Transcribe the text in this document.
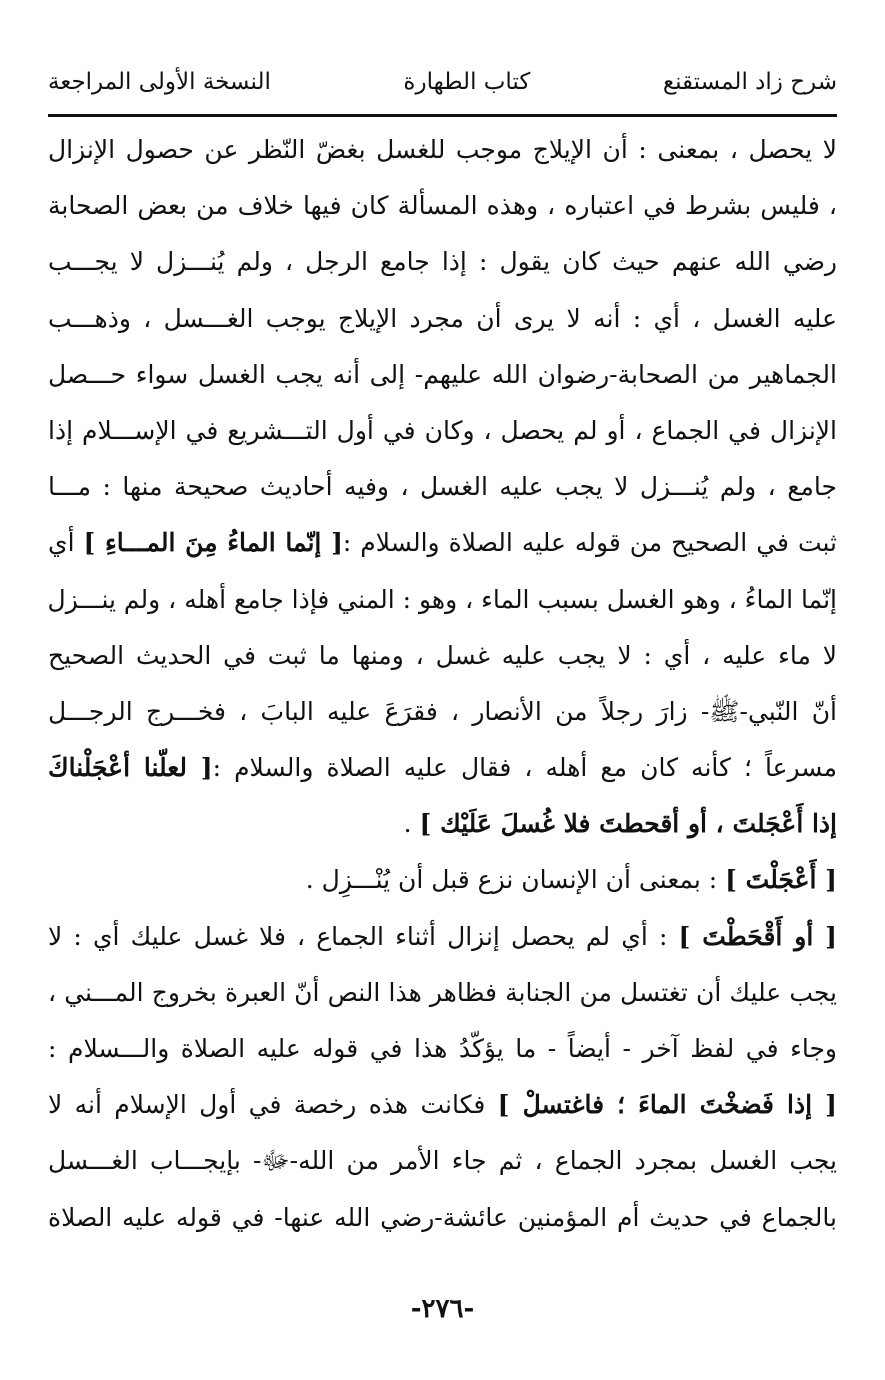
شرح زاد المستقنع
كتاب الطهارة
النسخة الأولى المراجعة
لا يحصل ، بمعنى : أن الإيلاج موجب للغسل بغضّ النّظر عن حصول الإنزال
، فليس بشرط في اعتباره ، وهذه المسألة كان فيها خلاف من بعض الصحابة
رضي الله عنهم حيث كان يقول : إذا جامع الرجل ، ولم يُنـــزل لا يجـــب
عليه الغسل ، أي : أنه لا يرى أن مجرد الإيلاج يوجب الغـــسل ، وذهـــب
الجماهير من الصحابة-رضوان الله عليهم- إلى أنه يجب الغسل سواء حـــصل
الإنزال في الجماع ، أو لم يحصل ، وكان في أول التـــشريع في الإســـلام إذا
جامع ، ولم يُنـــزل لا يجب عليه الغسل ، وفيه أحاديث صحيحة منها : مـــا
ثبت في الصحيح من قوله عليه الصلاة والسلام :[ إنّما الماءُ مِنَ المـــاءِ ] أي
إنّما الماءُ ، وهو الغسل بسبب الماء ، وهو : المني فإذا جامع أهله ، ولم ينـــزل
لا ماء عليه ، أي : لا يجب عليه غسل ، ومنها ما ثبت في الحديث الصحيح
أنّ النّبي-ﷺ- زارَ رجلاً من الأنصار ، فقرَعَ عليه البابَ ، فخـــرج الرجـــل
مسرعاً ؛ كأنه كان مع أهله ، فقال عليه الصلاة والسلام :[ لعلّنا أعْجَلْناكَ
إذا أَعْجَلتَ ، أو أقحطتَ فلا غُسلَ عَلَيْك ] .
[ أَعْجَلْتَ ] : بمعنى أن الإنسان نزع قبل أن يُنْـــزِل .
[ أو أَقْحَطْتَ ] : أي لم يحصل إنزال أثناء الجماع ، فلا غسل عليك أي : لا
يجب عليك أن تغتسل من الجنابة فظاهر هذا النص أنّ العبرة بخروج المـــني ،
وجاء في لفظ آخر - أيضاً - ما يؤكّدُ هذا في قوله عليه الصلاة والـــسلام :
[ إذا فَضخْتَ الماءَ ؛ فاغتسلْ ] فكانت هذه رخصة في أول الإسلام أنه لا
يجب الغسل بمجرد الجماع ، ثم جاء الأمر من الله-ﷻ- بإيجـــاب الغـــسل
بالجماع في حديث أم المؤمنين عائشة-رضي الله عنها- في قوله عليه الصلاة
-٢٧٦-
